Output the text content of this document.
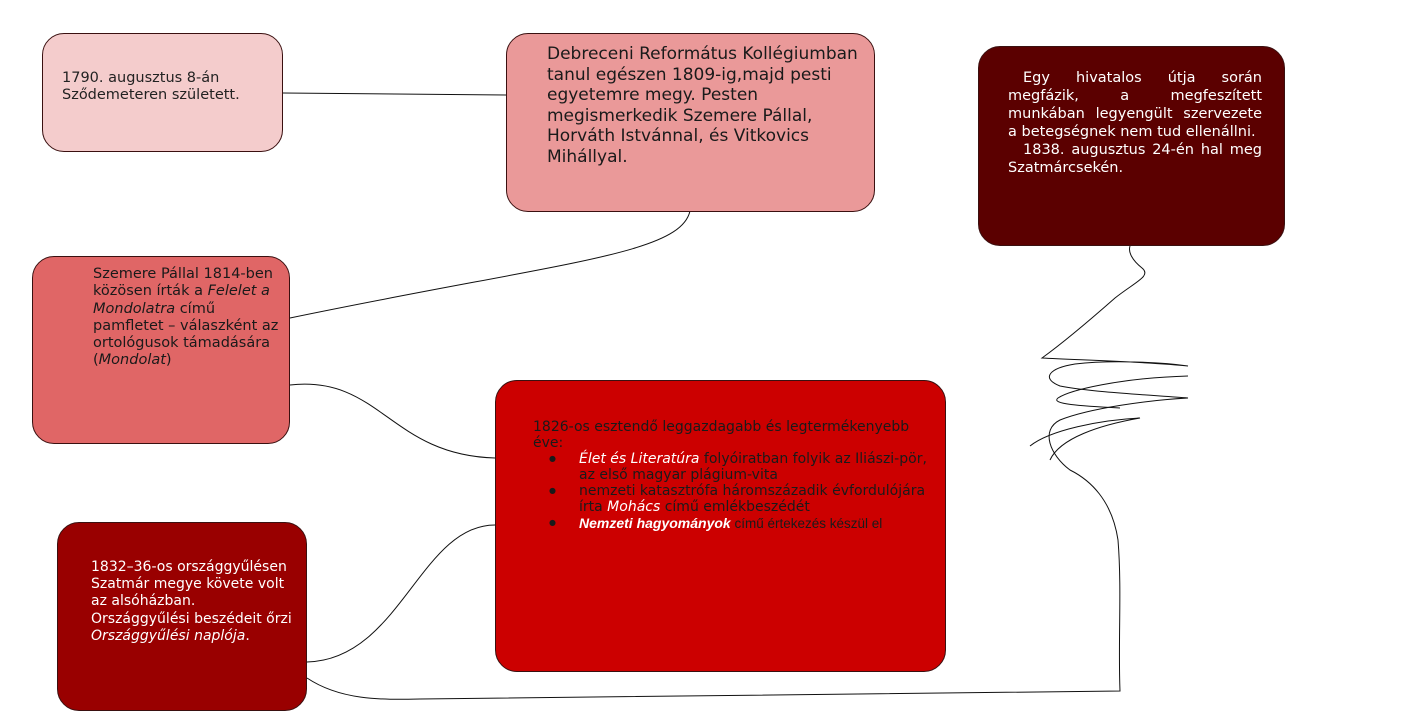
1790. augusztus 8-án Sződemeteren született.

Debreceni Református Kollégiumban tanul egészen 1809-ig,majd pesti egyetemre megy. Pesten megismerkedik Szemere Pállal, Horváth Istvánnal, és Vitkovics Mihállyal.

Szemere Pállal 1814-ben közösen írták a Felelet a Mondolatra című pamfletet – válaszként az ortológusok támadására (Mondolat)

Egy hivatalos útja során megfázik, a megfeszített munkában legyengült szervezete a betegségnek nem tud ellenállni.

1838. augusztus 24-én hal meg Szatmárcsekén.

1826-os esztendő leggazdagabb és legtermékenyebb éve:

● Élet és Literatúra folyóiratban folyik az Iliászi-pör, az első magyar plágium-vita
● nemzeti katasztrófa háromszázadik évfordulójára írta Mohács című emlékbeszédét
● Nemzeti hagyományok című értekezés készül el

1832–36-os országgyűlésen Szatmár megye követe volt az alsóházban. Országgyűlési beszédeit őrzi Országgyűlési naplója.
